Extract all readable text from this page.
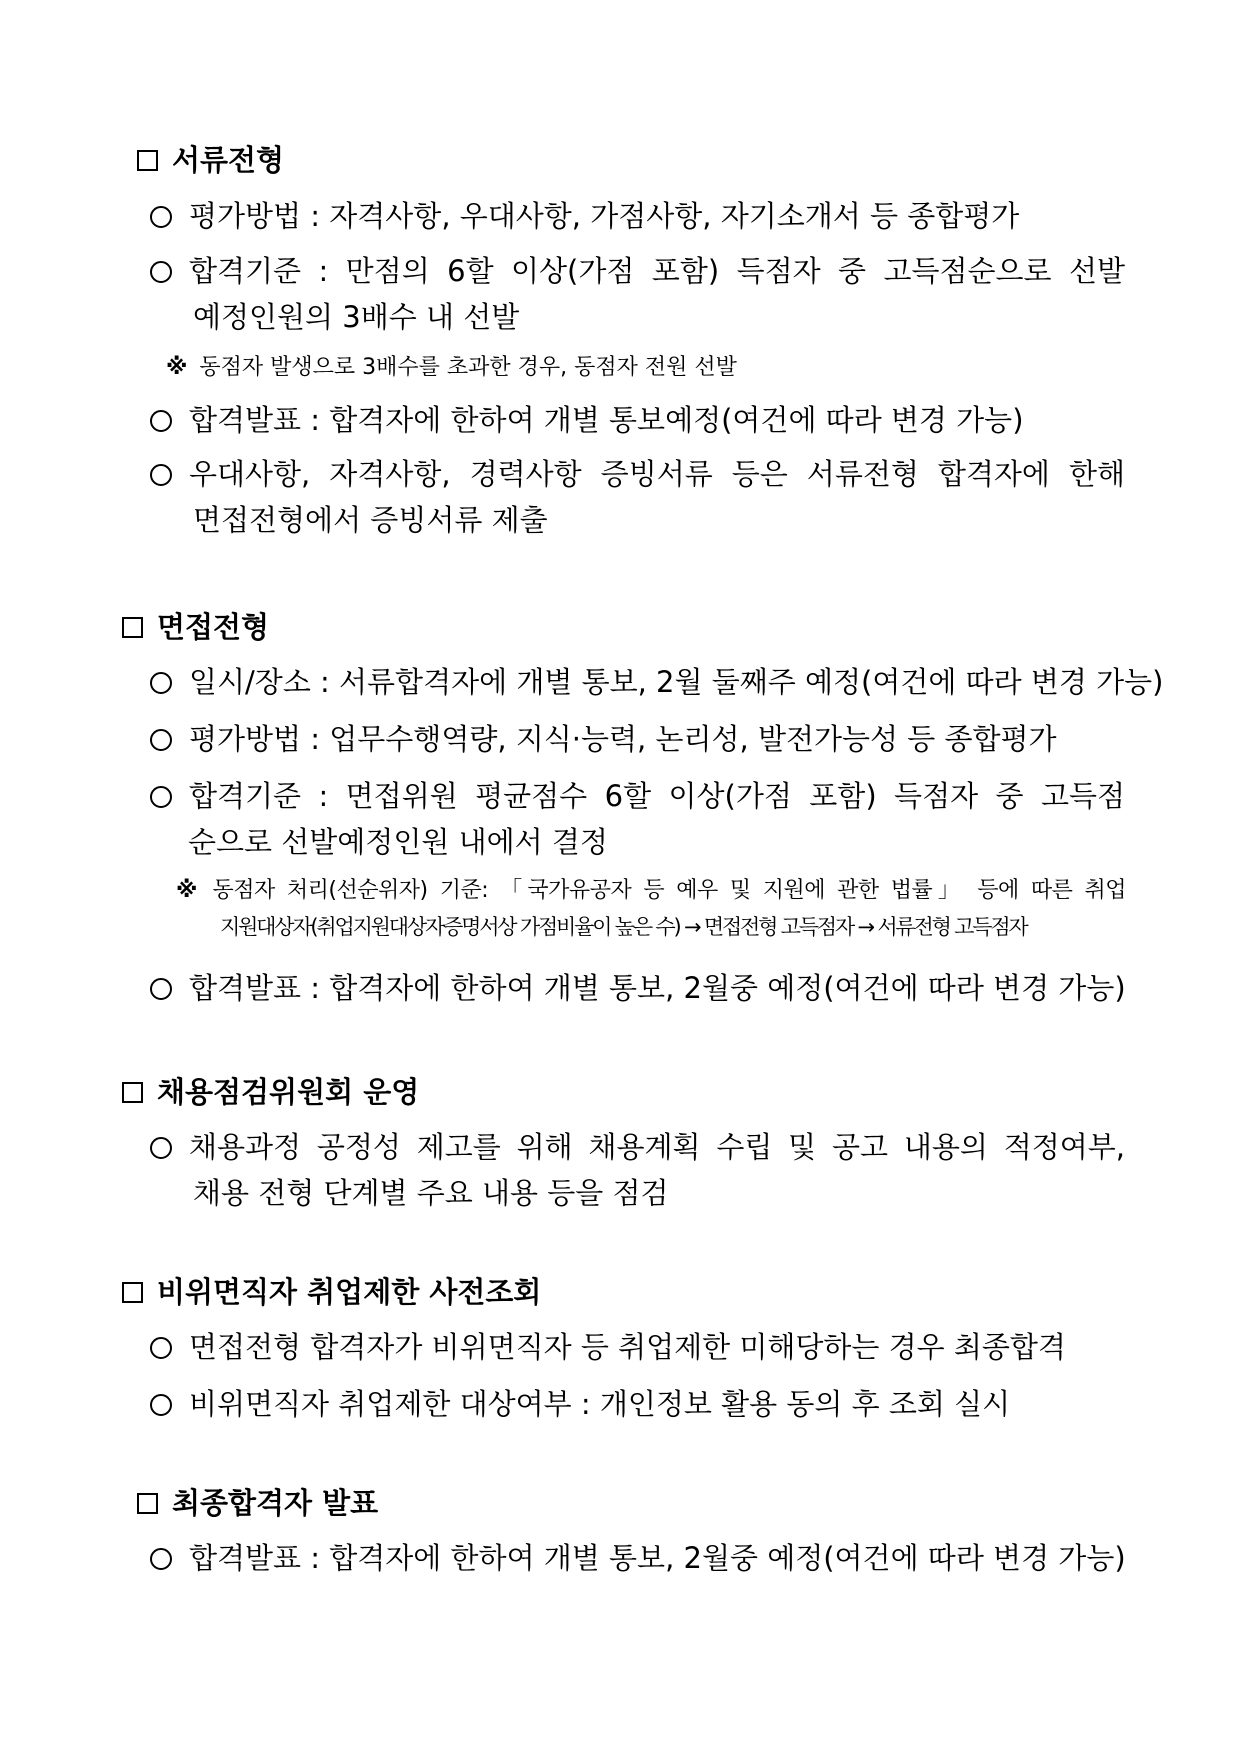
서류전형
평가방법 : 자격사항, 우대사항, 가점사항, 자기소개서 등 종합평가
합격기준 : 만점의 6할 이상(가점 포함) 득점자 중 고득점순으로 선발
예정인원의 3배수 내 선발
※ 동점자 발생으로 3배수를 초과한 경우, 동점자 전원 선발
합격발표 : 합격자에 한하여 개별 통보예정(여건에 따라 변경 가능)
우대사항, 자격사항, 경력사항 증빙서류 등은 서류전형 합격자에 한해
면접전형에서 증빙서류 제출
면접전형
일시/장소 : 서류합격자에 개별 통보, 2월 둘째주 예정(여건에 따라 변경 가능)
평가방법 : 업무수행역량, 지식·능력, 논리성, 발전가능성 등 종합평가
합격기준 : 면접위원 평균점수 6할 이상(가점 포함) 득점자 중 고득점
순으로 선발예정인원 내에서 결정
※ 동점자 처리(선순위자) 기준: 「국가유공자 등 예우 및 지원에 관한 법률」 등에 따른 취업
지원대상자(취업지원대상자증명서상 가점비율이 높은 수) → 면접전형 고득점자 → 서류전형 고득점자
합격발표 : 합격자에 한하여 개별 통보, 2월중 예정(여건에 따라 변경 가능)
채용점검위원회 운영
채용과정 공정성 제고를 위해 채용계획 수립 및 공고 내용의 적정여부,
채용 전형 단계별 주요 내용 등을 점검
비위면직자 취업제한 사전조회
면접전형 합격자가 비위면직자 등 취업제한 미해당하는 경우 최종합격
비위면직자 취업제한 대상여부 : 개인정보 활용 동의 후 조회 실시
최종합격자 발표
합격발표 : 합격자에 한하여 개별 통보, 2월중 예정(여건에 따라 변경 가능)
